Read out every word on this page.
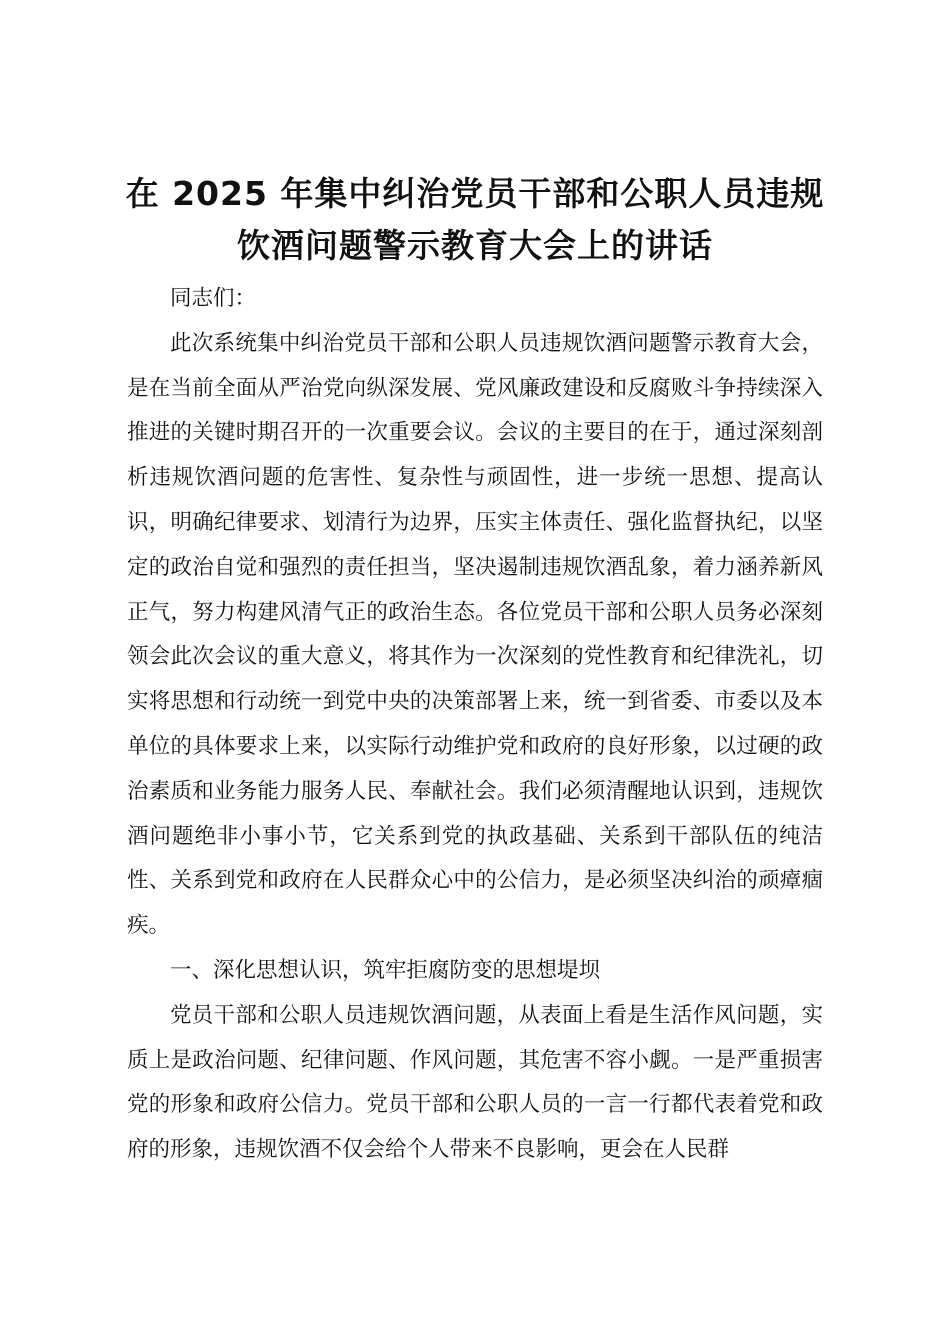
在 2025 年集中纠治党员干部和公职人员违规
饮酒问题警示教育大会上的讲话

同志们：

此次系统集中纠治党员干部和公职人员违规饮酒问题警示教育大会，是在当前全面从严治党向纵深发展、党风廉政建设和反腐败斗争持续深入推进的关键时期召开的一次重要会议。会议的主要目的在于，通过深刻剖析违规饮酒问题的危害性、复杂性与顽固性，进一步统一思想、提高认识，明确纪律要求、划清行为边界，压实主体责任、强化监督执纪，以坚定的政治自觉和强烈的责任担当，坚决遏制违规饮酒乱象，着力涵养新风正气，努力构建风清气正的政治生态。各位党员干部和公职人员务必深刻领会此次会议的重大意义，将其作为一次深刻的党性教育和纪律洗礼，切实将思想和行动统一到党中央的决策部署上来，统一到省委、市委以及本单位的具体要求上来，以实际行动维护党和政府的良好形象，以过硬的政治素质和业务能力服务人民、奉献社会。我们必须清醒地认识到，违规饮酒问题绝非小事小节，它关系到党的执政基础、关系到干部队伍的纯洁性、关系到党和政府在人民群众心中的公信力，是必须坚决纠治的顽瘴痼疾。

一、深化思想认识，筑牢拒腐防变的思想堤坝

党员干部和公职人员违规饮酒问题，从表面上看是生活作风问题，实质上是政治问题、纪律问题、作风问题，其危害不容小觑。一是严重损害党的形象和政府公信力。党员干部和公职人员的一言一行都代表着党和政府的形象，违规饮酒不仅会给个人带来不良影响，更会在人民群
